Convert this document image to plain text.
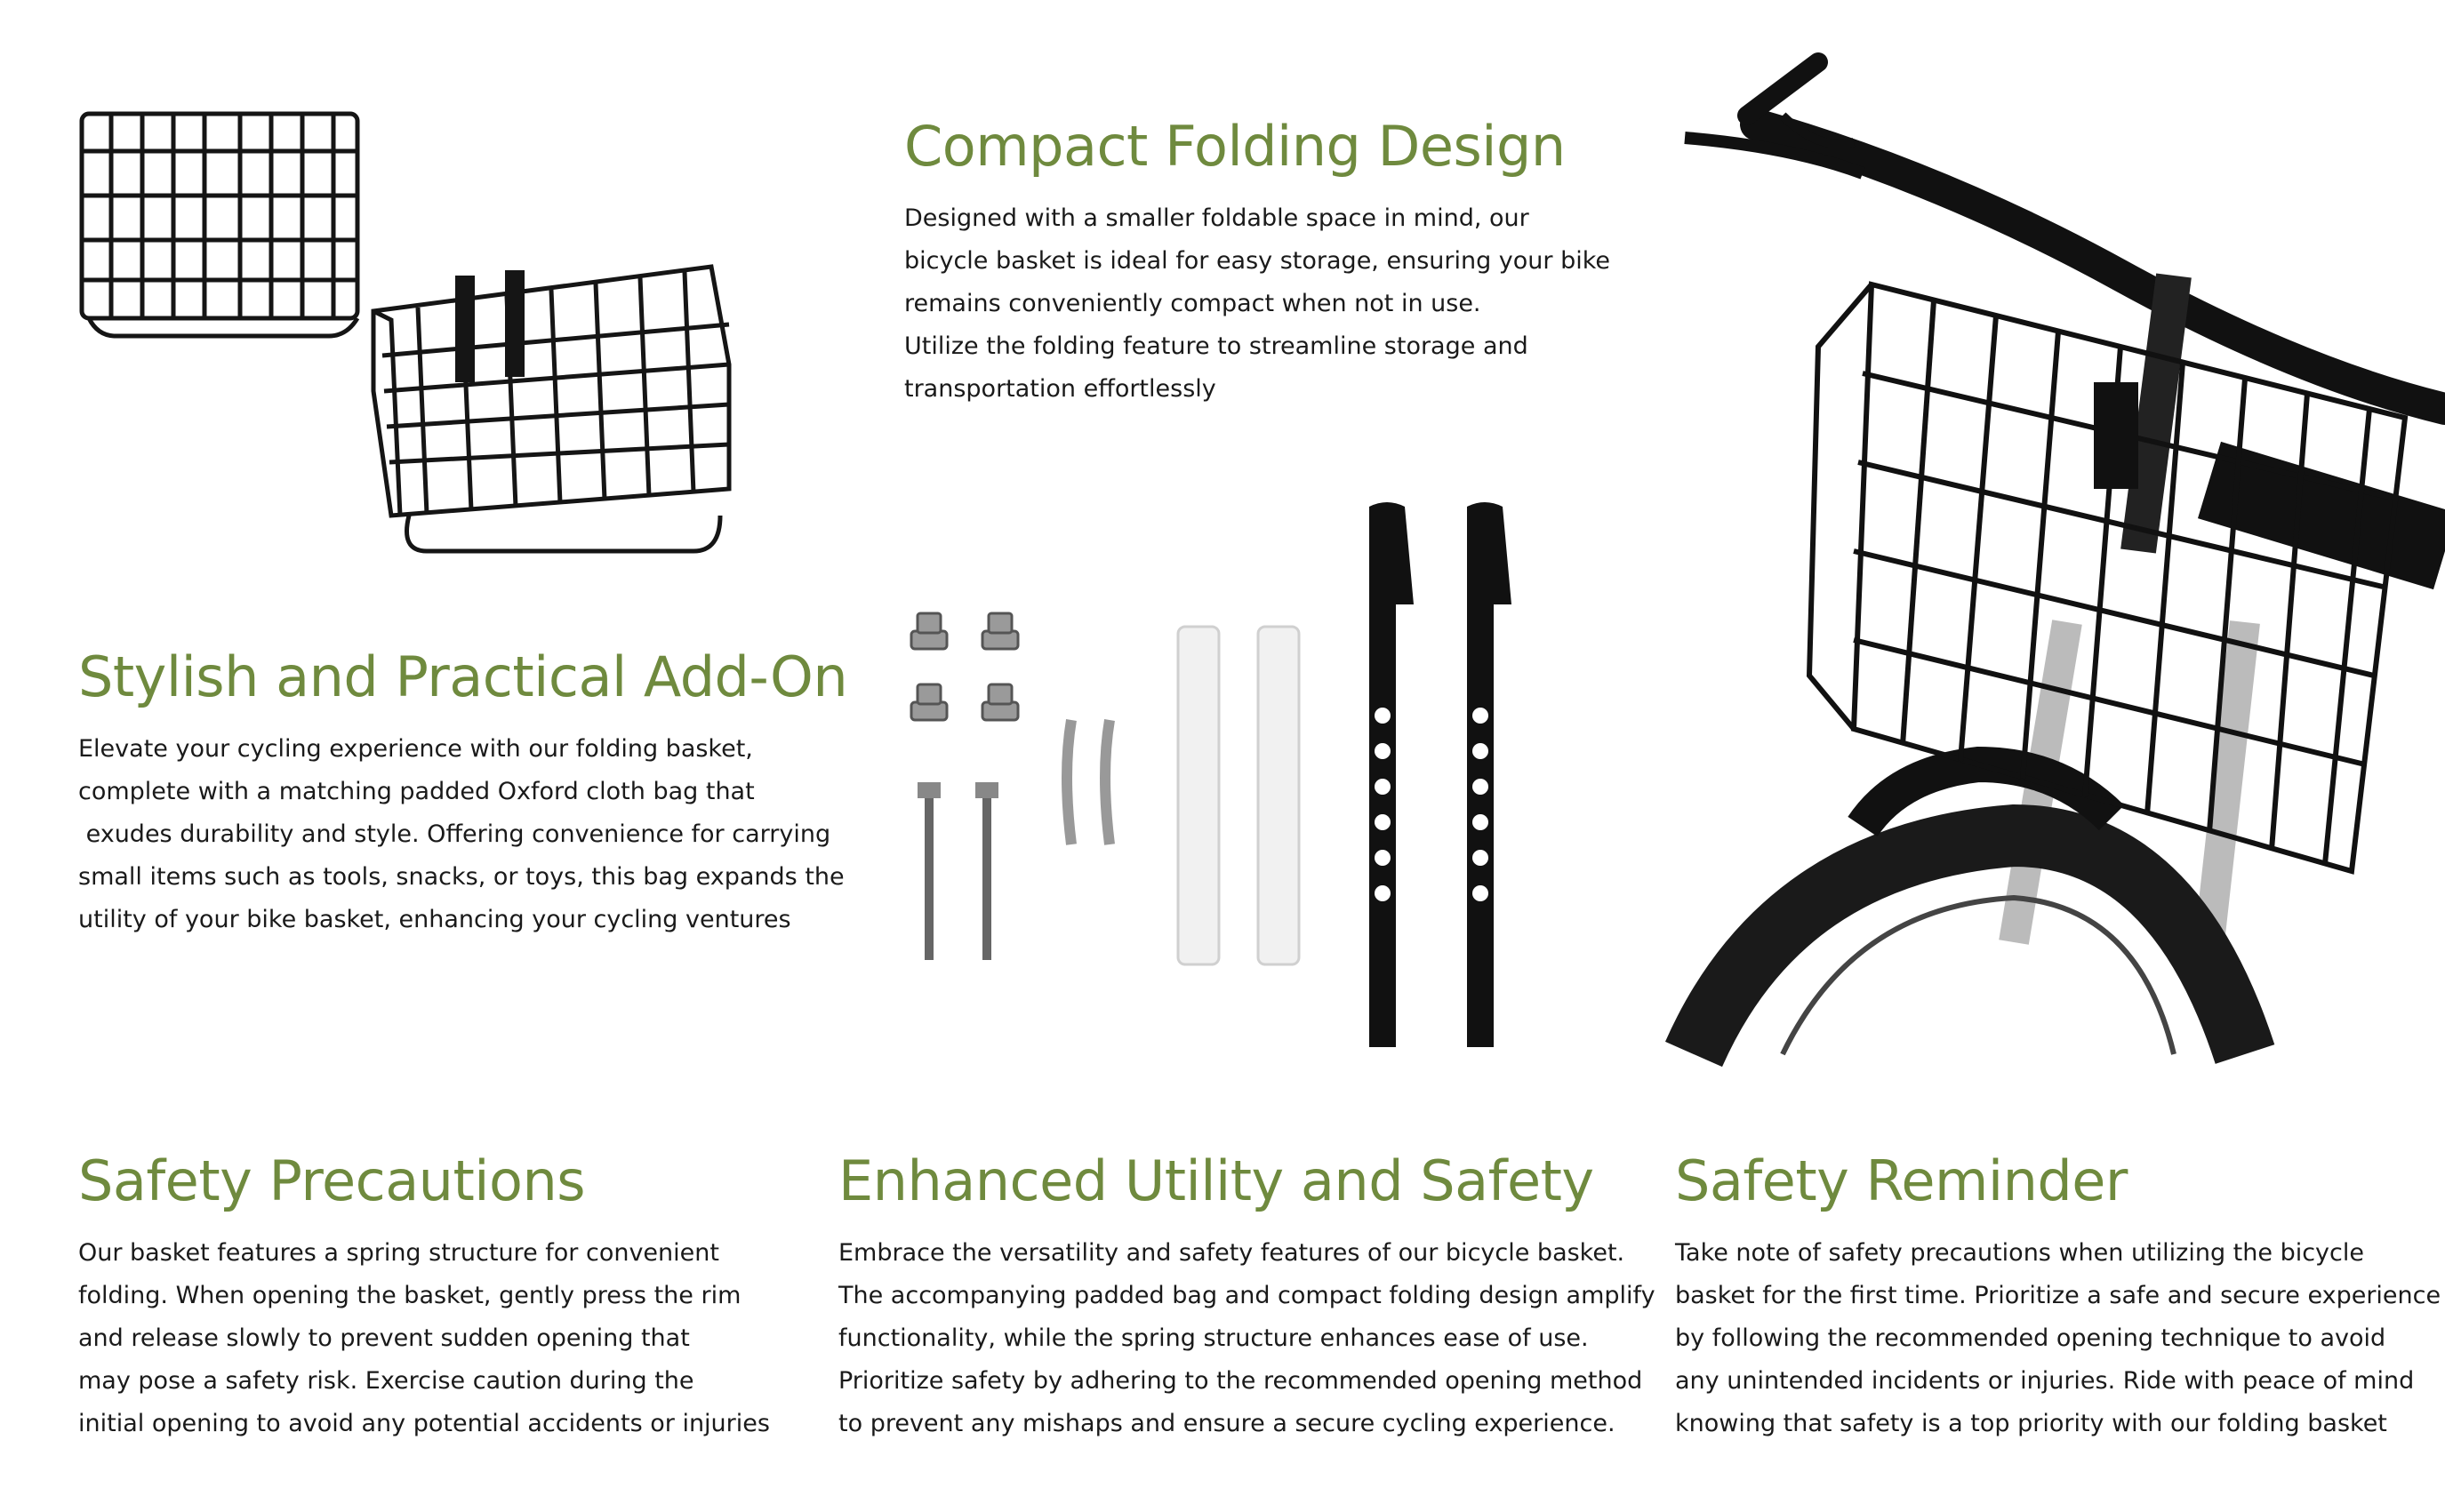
Compact Folding Design
Designed with a smaller foldable space in mind, our
bicycle basket is ideal for easy storage, ensuring your bike
remains conveniently compact when not in use.
Utilize the folding feature to streamline storage and
transportation effortlessly
Stylish and Practical Add-On
Elevate your cycling experience with our folding basket,
complete with a matching padded Oxford cloth bag that
exudes durability and style. Offering convenience for carrying
small items such as tools, snacks, or toys, this bag expands the
utility of your bike basket, enhancing your cycling ventures
Safety Precautions
Our basket features a spring structure for convenient
folding. When opening the basket, gently press the rim
and release slowly to prevent sudden opening that
may pose a safety risk. Exercise caution during the
initial opening to avoid any potential accidents or injuries
Enhanced Utility and Safety
Embrace the versatility and safety features of our bicycle basket.
The accompanying padded bag and compact folding design amplify
functionality, while the spring structure enhances ease of use.
Prioritize safety by adhering to the recommended opening method
to prevent any mishaps and ensure a secure cycling experience.
Safety Reminder
Take note of safety precautions when utilizing the bicycle
basket for the first time. Prioritize a safe and secure experience
by following the recommended opening technique to avoid
any unintended incidents or injuries. Ride with peace of mind
knowing that safety is a top priority with our folding basket
